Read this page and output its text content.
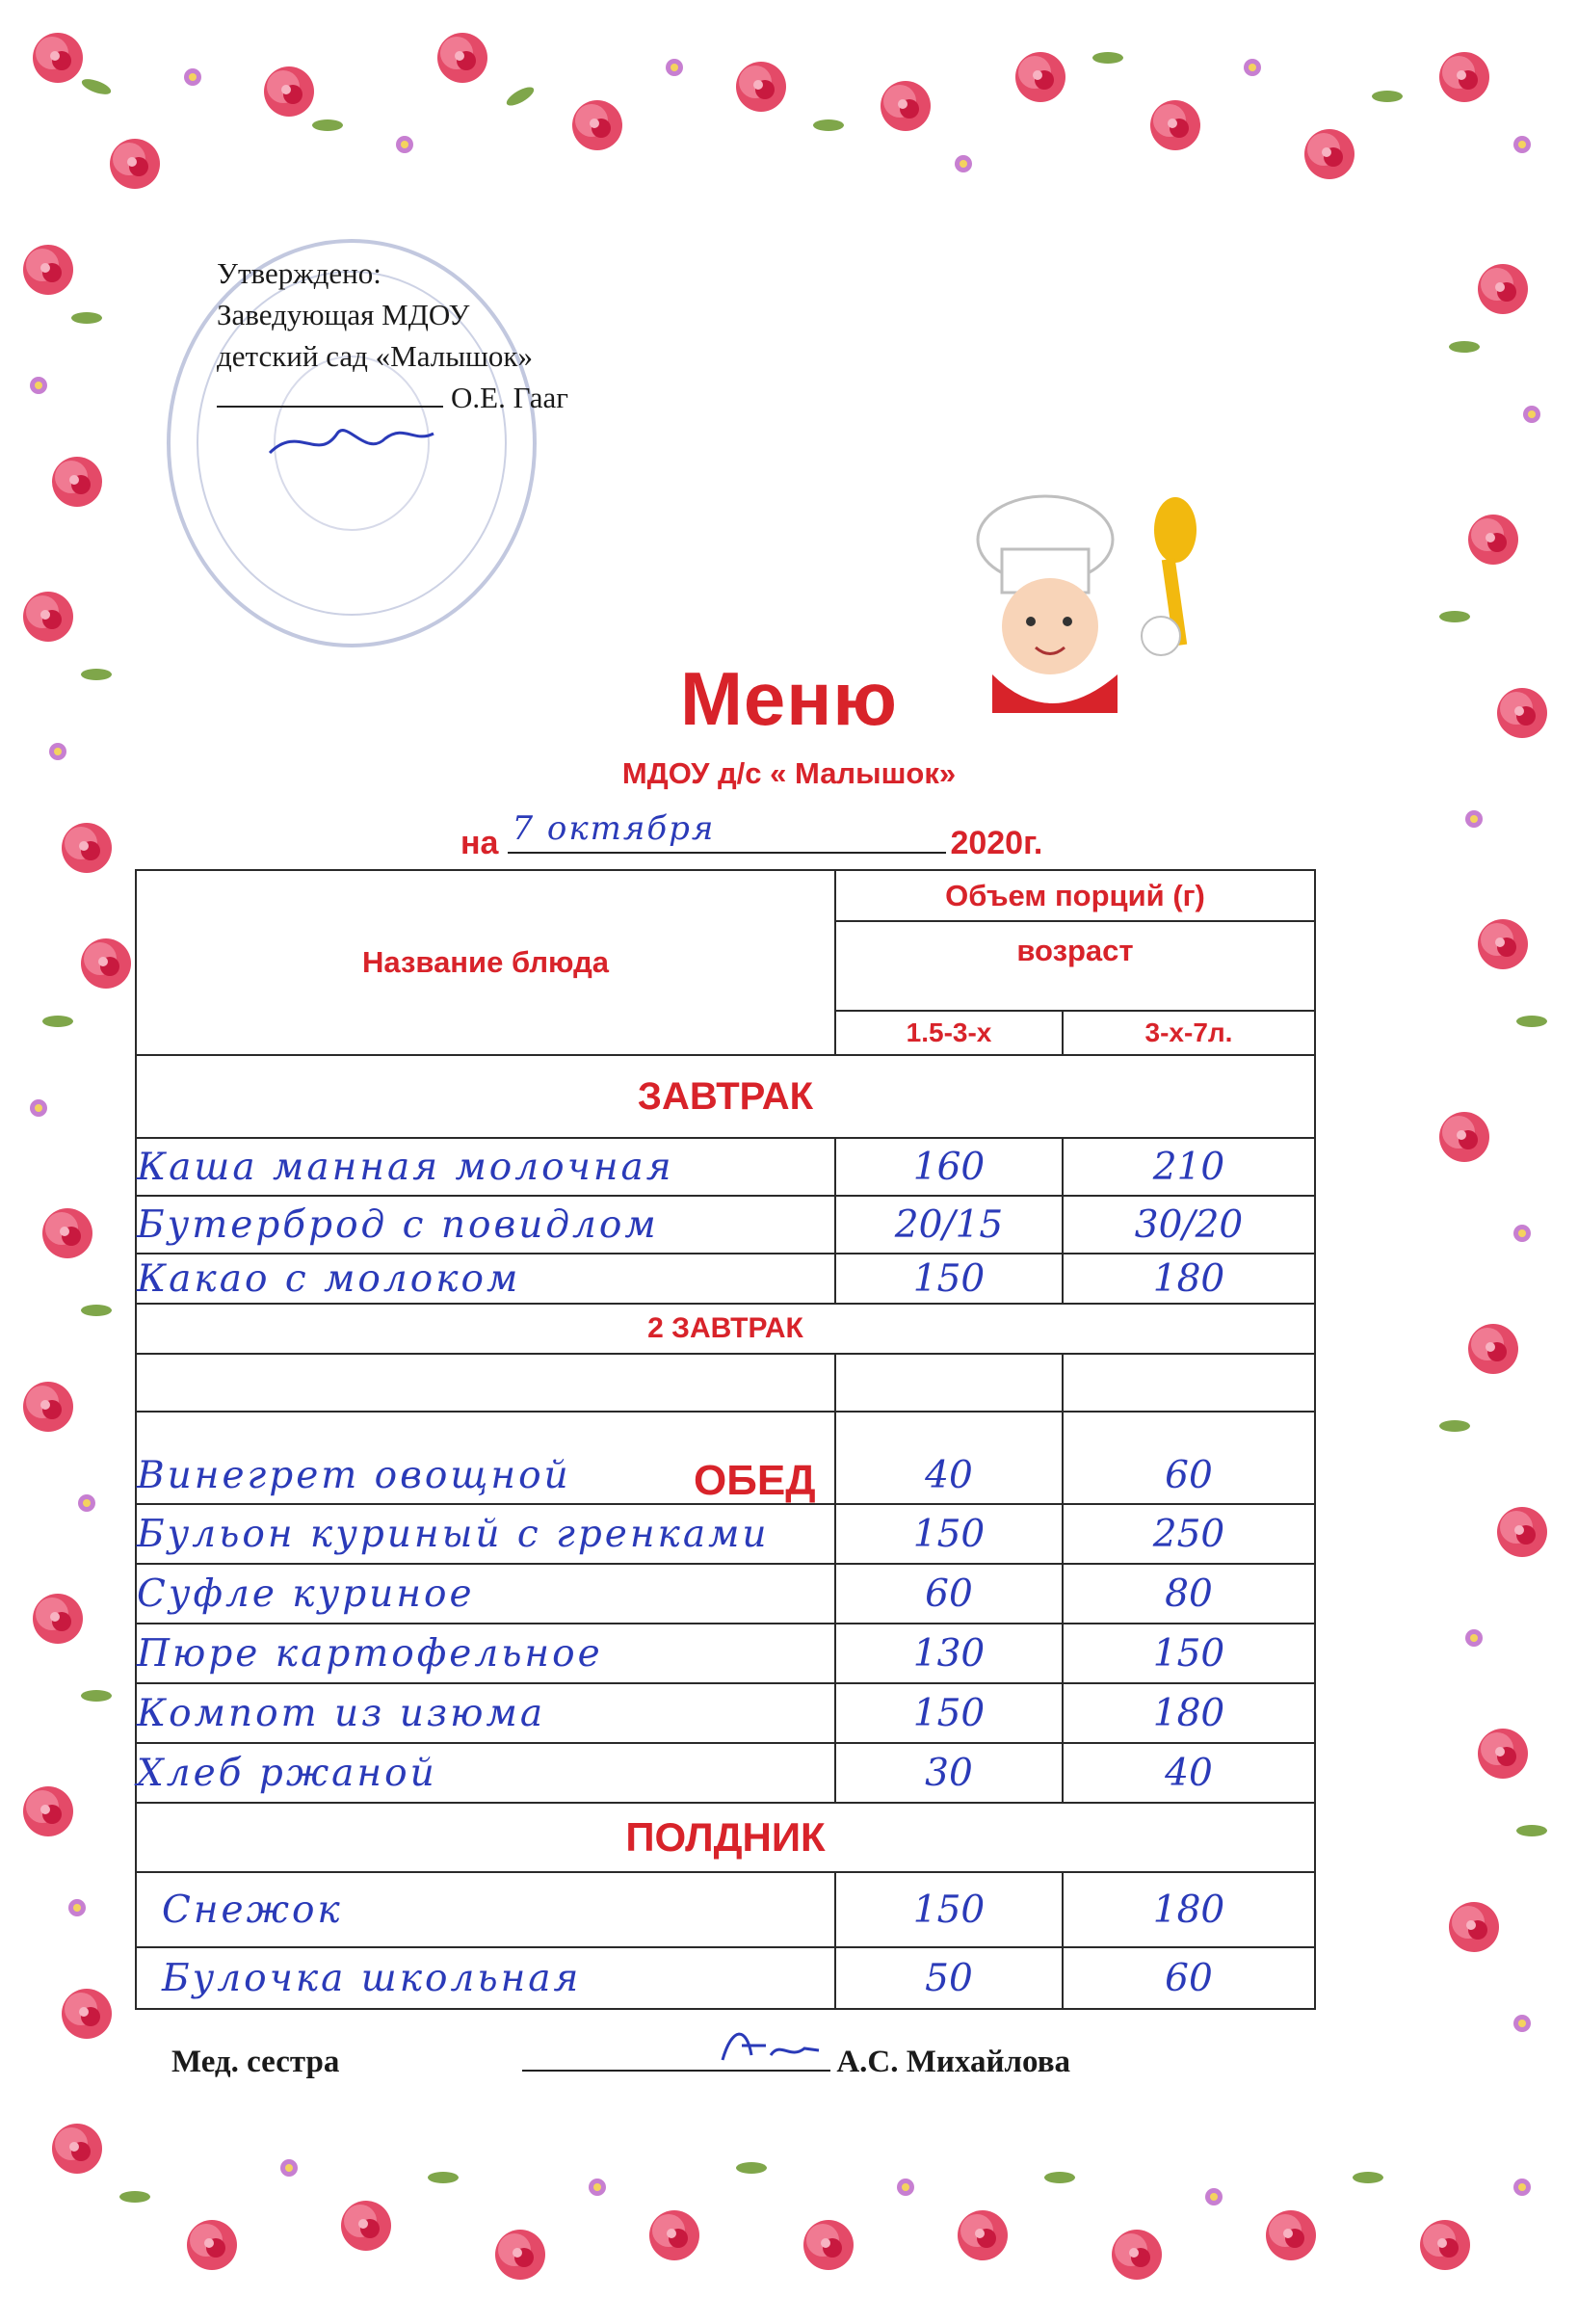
Утверждено:
Заведующая МДОУ
детский сад «Малышок»
О.Е. Гааг
Меню
МДОУ д/с « Малышок»
на 7 октября	2020г.
Название блюда	Объем порций (г)	
	возраст	
	1.5-3-х	3-х-7л.
ЗАВТРАК		
Каша манная молочная	160	210
Бутерброд с повидлом	20/15	30/20
Какао с молоком	150	180
2 ЗАВТРАК		

Винегрет овощной	40	60
Бульон куриный с гренками	150	250
Суфле куриное	60	80
Пюре картофельное	130	150
Компот из изюма	150	180
Хлеб ржаной	30	40
ПОЛДНИК		
Снежок	150	180
Булочка школьная	50	60
ОБЕД
Мед. сестра	А.С. Михайлова
